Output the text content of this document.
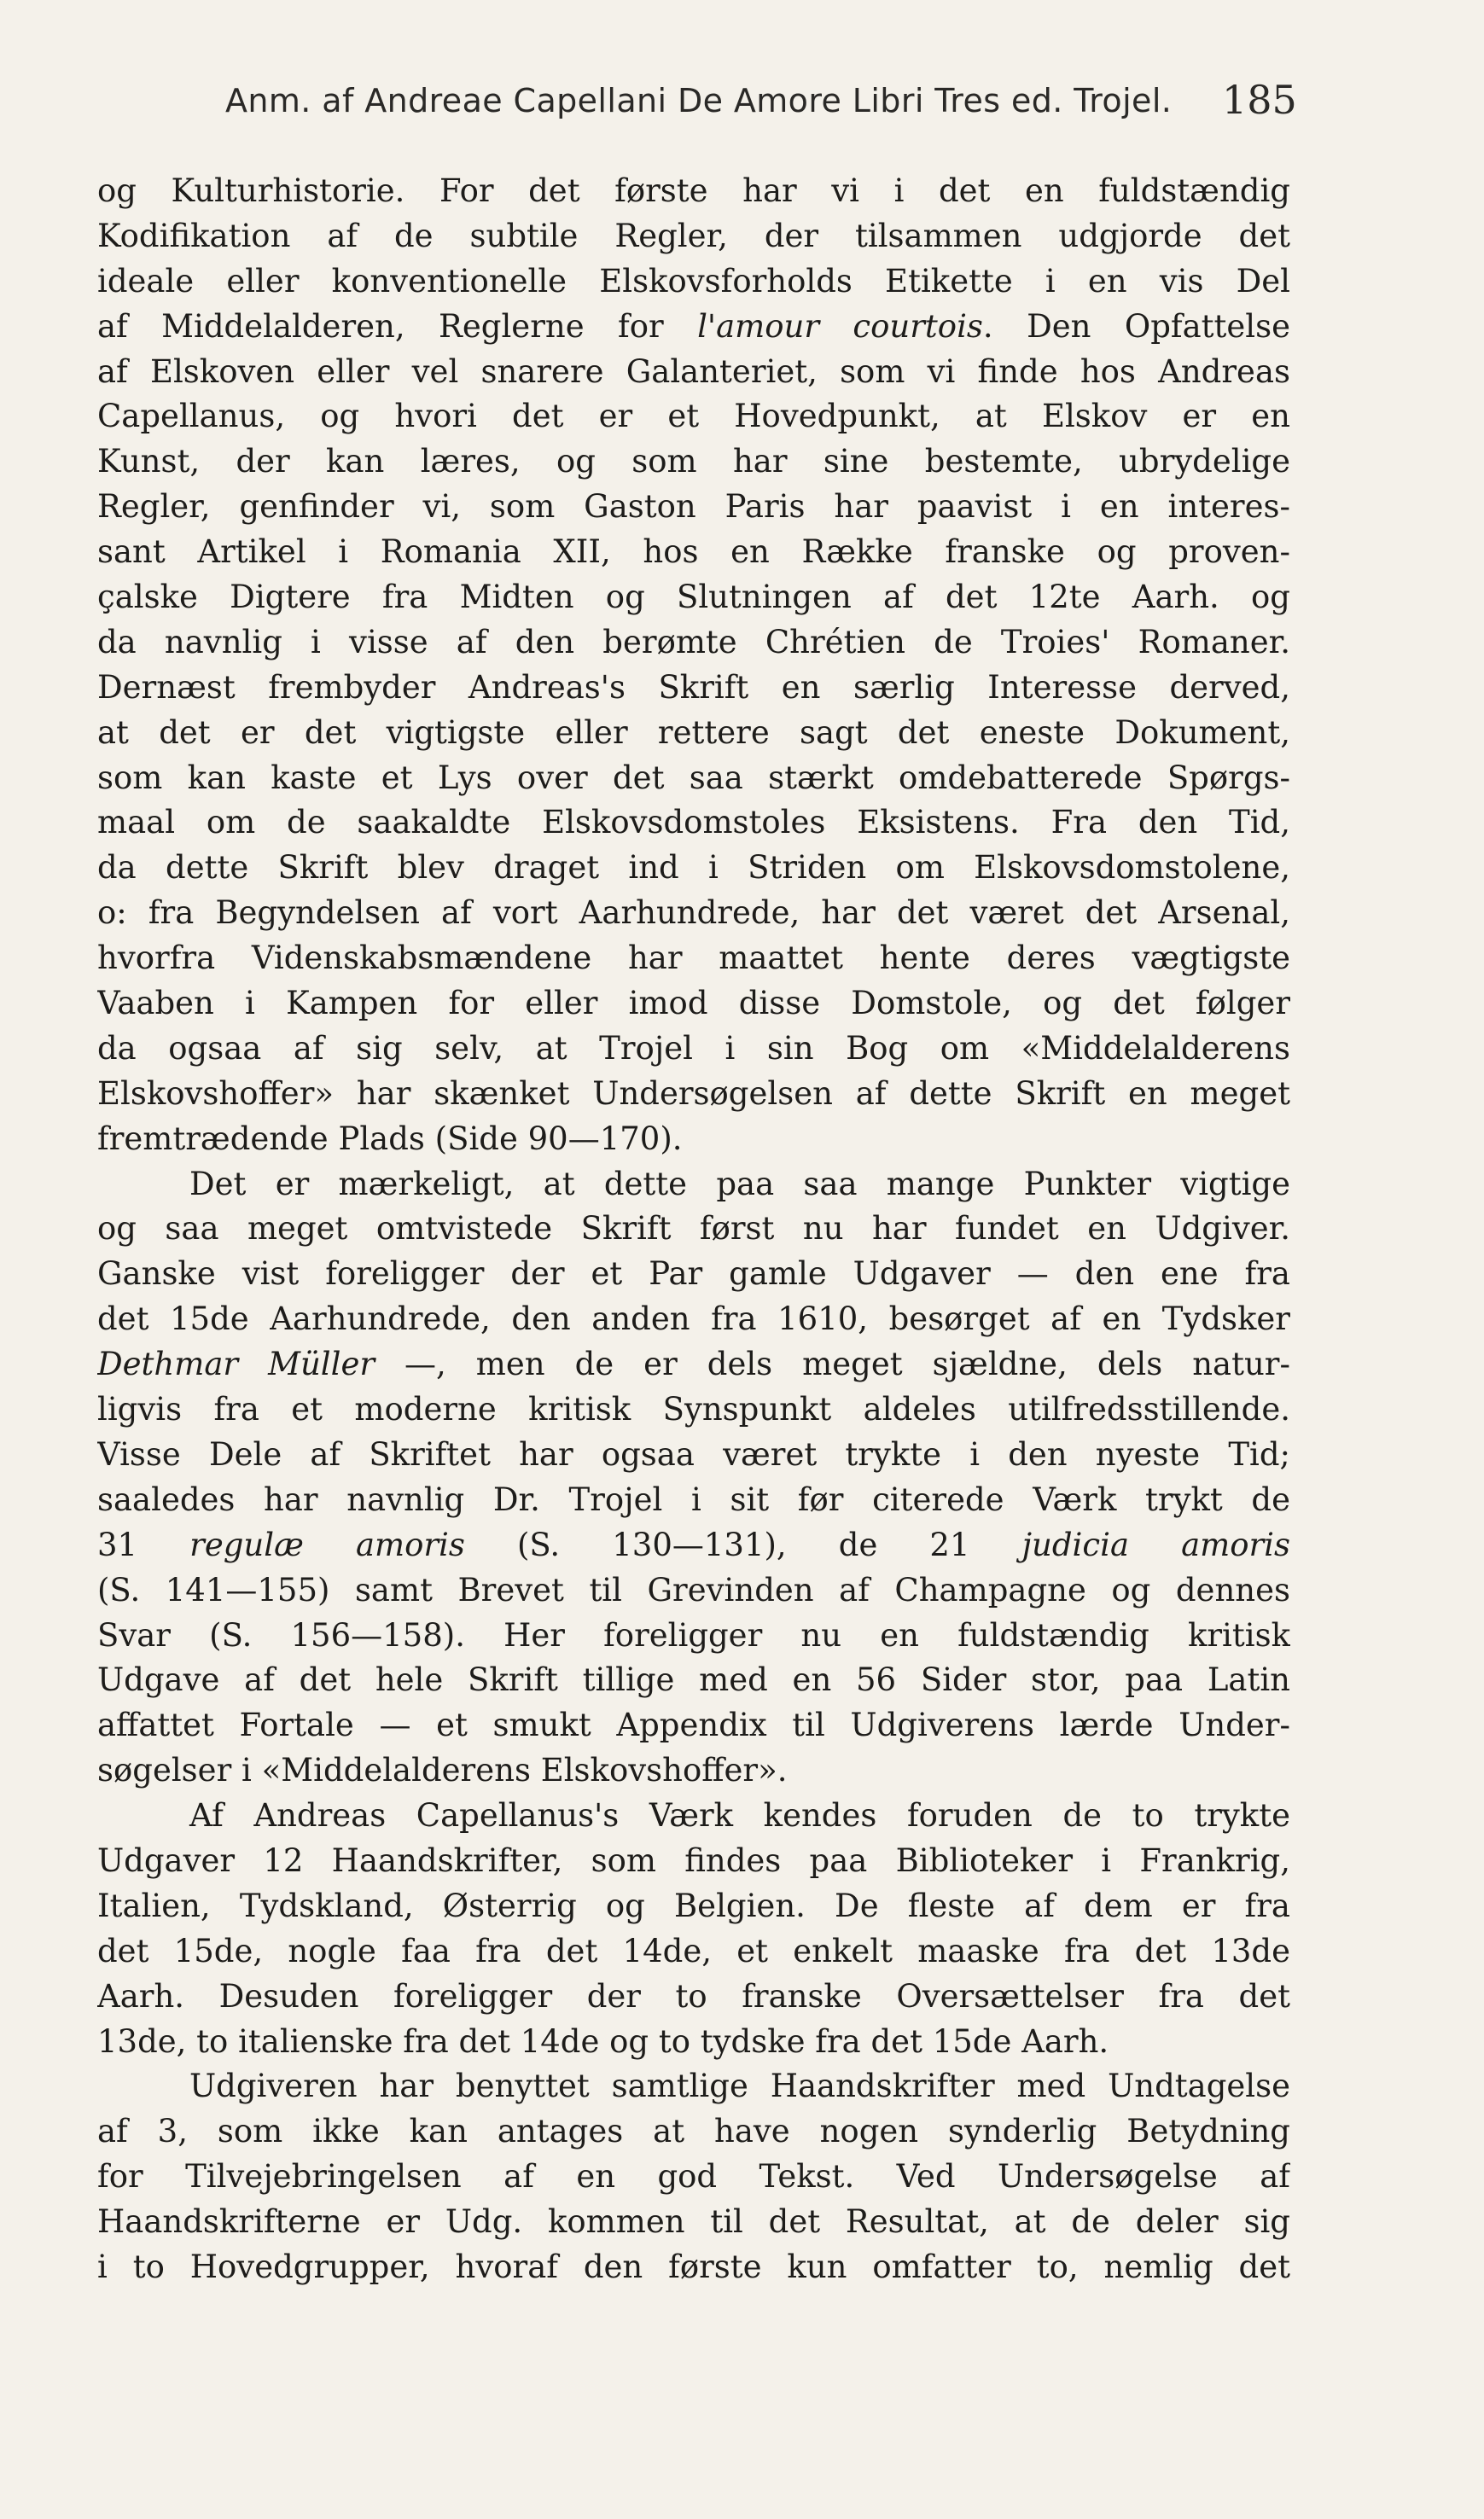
Anm. af Andreae Capellani De Amore Libri Tres ed. Trojel. 185
og Kulturhistorie. For det første har vi i det en fuldstændig
Kodifikation af de subtile Regler, der tilsammen udgjorde det
ideale eller konventionelle Elskovsforholds Etikette i en vis Del
af Middelalderen, Reglerne for l'amour courtois. Den Opfattelse
af Elskoven eller vel snarere Galanteriet, som vi finde hos Andreas
Capellanus, og hvori det er et Hovedpunkt, at Elskov er en
Kunst, der kan læres, og som har sine bestemte, ubrydelige
Regler, genfinder vi, som Gaston Paris har paavist i en interes-
sant Artikel i Romania XII, hos en Række franske og proven-
çalske Digtere fra Midten og Slutningen af det 12te Aarh. og
da navnlig i visse af den berømte Chrétien de Troies' Romaner.
Dernæst frembyder Andreas's Skrift en særlig Interesse derved,
at det er det vigtigste eller rettere sagt det eneste Dokument,
som kan kaste et Lys over det saa stærkt omdebatterede Spørgs-
maal om de saakaldte Elskovsdomstoles Eksistens. Fra den Tid,
da dette Skrift blev draget ind i Striden om Elskovsdomstolene,
o: fra Begyndelsen af vort Aarhundrede, har det været det Arsenal,
hvorfra Videnskabsmændene har maattet hente deres vægtigste
Vaaben i Kampen for eller imod disse Domstole, og det følger
da ogsaa af sig selv, at Trojel i sin Bog om «Middelalderens
Elskovshoffer» har skænket Undersøgelsen af dette Skrift en meget
fremtrædende Plads (Side 90—170).
Det er mærkeligt, at dette paa saa mange Punkter vigtige
og saa meget omtvistede Skrift først nu har fundet en Udgiver.
Ganske vist foreligger der et Par gamle Udgaver — den ene fra
det 15de Aarhundrede, den anden fra 1610, besørget af en Tydsker
Dethmar Müller —, men de er dels meget sjældne, dels natur-
ligvis fra et moderne kritisk Synspunkt aldeles utilfredsstillende.
Visse Dele af Skriftet har ogsaa været trykte i den nyeste Tid;
saaledes har navnlig Dr. Trojel i sit før citerede Værk trykt de
31 regulæ amoris (S. 130—131), de 21 judicia amoris
(S. 141—155) samt Brevet til Grevinden af Champagne og dennes
Svar (S. 156—158). Her foreligger nu en fuldstændig kritisk
Udgave af det hele Skrift tillige med en 56 Sider stor, paa Latin
affattet Fortale — et smukt Appendix til Udgiverens lærde Under-
søgelser i «Middelalderens Elskovshoffer».
Af Andreas Capellanus's Værk kendes foruden de to trykte
Udgaver 12 Haandskrifter, som findes paa Biblioteker i Frankrig,
Italien, Tydskland, Østerrig og Belgien. De fleste af dem er fra
det 15de, nogle faa fra det 14de, et enkelt maaske fra det 13de
Aarh. Desuden foreligger der to franske Oversættelser fra det
13de, to italienske fra det 14de og to tydske fra det 15de Aarh.
Udgiveren har benyttet samtlige Haandskrifter med Undtagelse
af 3, som ikke kan antages at have nogen synderlig Betydning
for Tilvejebringelsen af en god Tekst. Ved Undersøgelse af
Haandskrifterne er Udg. kommen til det Resultat, at de deler sig
i to Hovedgrupper, hvoraf den første kun omfatter to, nemlig det
